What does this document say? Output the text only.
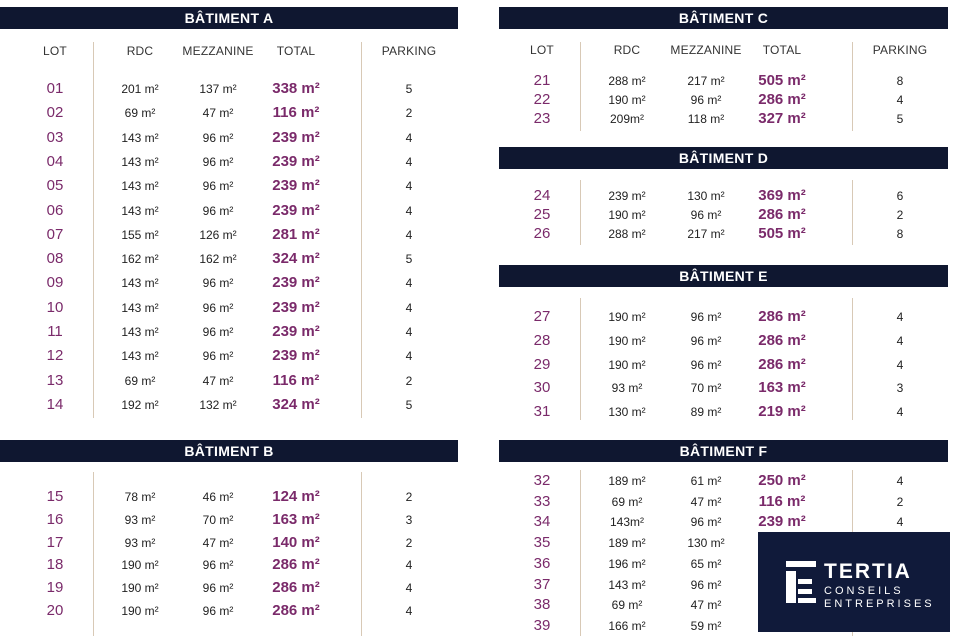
BÂTIMENT A
LOT	RDC	MEZZANINE	TOTAL	PARKING
01	201 m²	137 m²	338 m²	5
02	69 m²	47 m²	116 m²	2
03	143 m²	96 m²	239 m²	4
04	143 m²	96 m²	239 m²	4
05	143 m²	96 m²	239 m²	4
06	143 m²	96 m²	239 m²	4
07	155 m²	126 m²	281 m²	4
08	162 m²	162 m²	324 m²	5
09	143 m²	96 m²	239 m²	4
10	143 m²	96 m²	239 m²	4
11	143 m²	96 m²	239 m²	4
12	143 m²	96 m²	239 m²	4
13	69 m²	47 m²	116 m²	2
14	192 m²	132 m²	324 m²	5
BÂTIMENT B
15	78 m²	46 m²	124 m²	2
16	93 m²	70 m²	163 m²	3
17	93 m²	47 m²	140 m²	2
18	190 m²	96 m²	286 m²	4
19	190 m²	96 m²	286 m²	4
20	190 m²	96 m²	286 m²	4
BÂTIMENT C
LOT	RDC	MEZZANINE	TOTAL	PARKING
21	288 m²	217 m²	505 m²	8
22	190 m²	96 m²	286 m²	4
23	209m²	118 m²	327 m²	5
BÂTIMENT D
24	239 m²	130 m²	369 m²	6
25	190 m²	96 m²	286 m²	2
26	288 m²	217 m²	505 m²	8
BÂTIMENT E
27	190 m²	96 m²	286 m²	4
28	190 m²	96 m²	286 m²	4
29	190 m²	96 m²	286 m²	4
30	93 m²	70 m²	163 m²	3
31	130 m²	89 m²	219 m²	4
BÂTIMENT F
32	189 m²	61 m²	250 m²	4
33	69 m²	47 m²	116 m²	2
34	143m²	96 m²	239 m²	4
35	189 m²	130 m²
36	196 m²	65 m²
37	143 m²	96 m²
38	69 m²	47 m²
39	166 m²	59 m²
TERTIA
CONSEILS
ENTREPRISES
